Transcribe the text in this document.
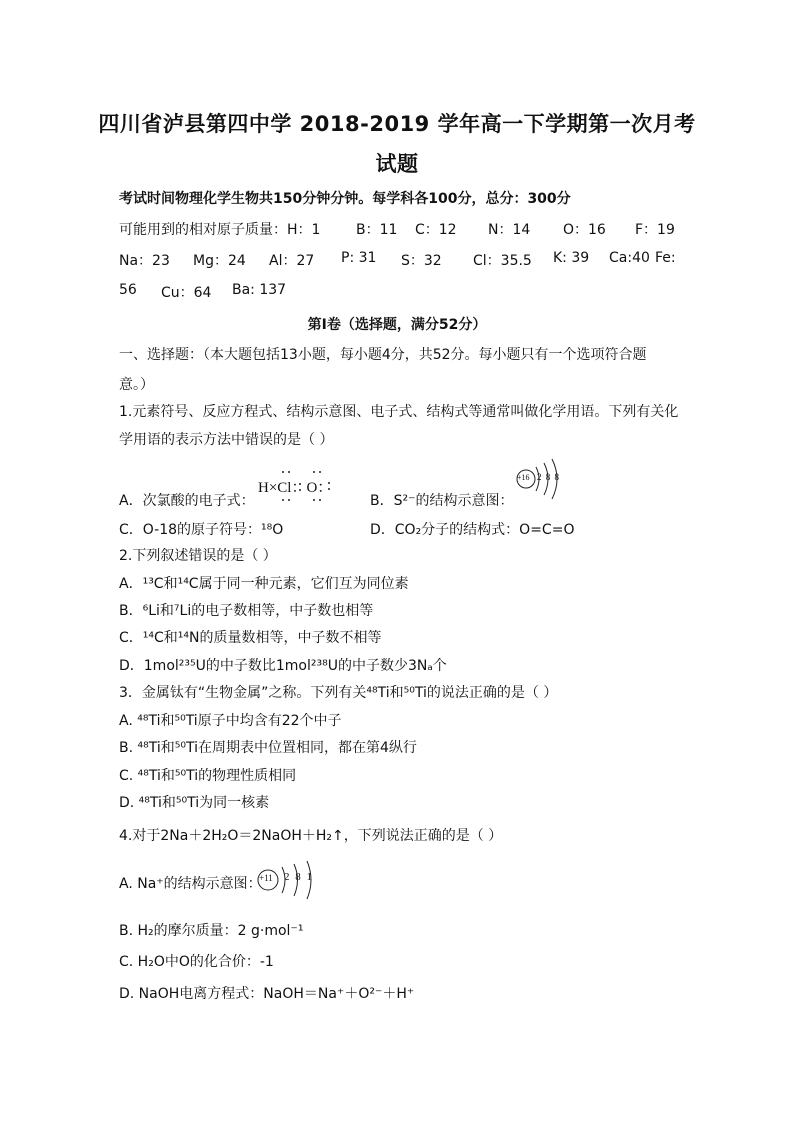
四川省泸县第四中学 2018-2019 学年高一下学期第一次月考
试题
考试时间物理化学生物共150分钟分钟。每学科各100分，总分：300分
可能用到的相对原子质量： H：1	B：11 C：12 N：14 O：16 F：19
Na：23 Mg：24 Al：27 P: 31 S：32 Cl：35.5 K: 39 Ca:40 Fe:
56 Cu：64 Ba: 137
第Ⅰ卷（选择题，满分52分）
一、选择题：（本大题包括13小题，每小题4分，共52分。每小题只有一个选项符合题
意。）
1.元素符号、反应方程式、结构示意图、电子式、结构式等通常叫做化学用语。下列有关化
学用语的表示方法中错误的是（ ）
A．次氯酸的电子式：
H×Cl：O：
B．S²⁻的结构示意图：
+16 2 8 8
C．O-18的原子符号：¹⁸O	D．CO₂分子的结构式：O=C=O
2.下列叙述错误的是（ ）
A．¹³C和¹⁴C属于同一种元素，它们互为同位素
B．⁶Li和⁷Li的电子数相等，中子数也相等
C．¹⁴C和¹⁴N的质量数相等，中子数不相等
D．1mol²³⁵U的中子数比1mol²³⁸U的中子数少3Nₐ个
3．金属钛有“生物金属”之称。下列有关⁴⁸Ti和⁵⁰Ti的说法正确的是（ ）
A. ⁴⁸Ti和⁵⁰Ti原子中均含有22个中子
B. ⁴⁸Ti和⁵⁰Ti在周期表中位置相同，都在第4纵行
C. ⁴⁸Ti和⁵⁰Ti的物理性质相同
D. ⁴⁸Ti和⁵⁰Ti为同一核素
4.对于2Na＋2H₂O＝2NaOH＋H₂↑，下列说法正确的是（ ）
A. Na⁺的结构示意图：
+11 2 8 1
B. H₂的摩尔质量：2 g·mol⁻¹
C. H₂O中O的化合价：-1
D. NaOH电离方程式：NaOH＝Na⁺＋O²⁻＋H⁺
